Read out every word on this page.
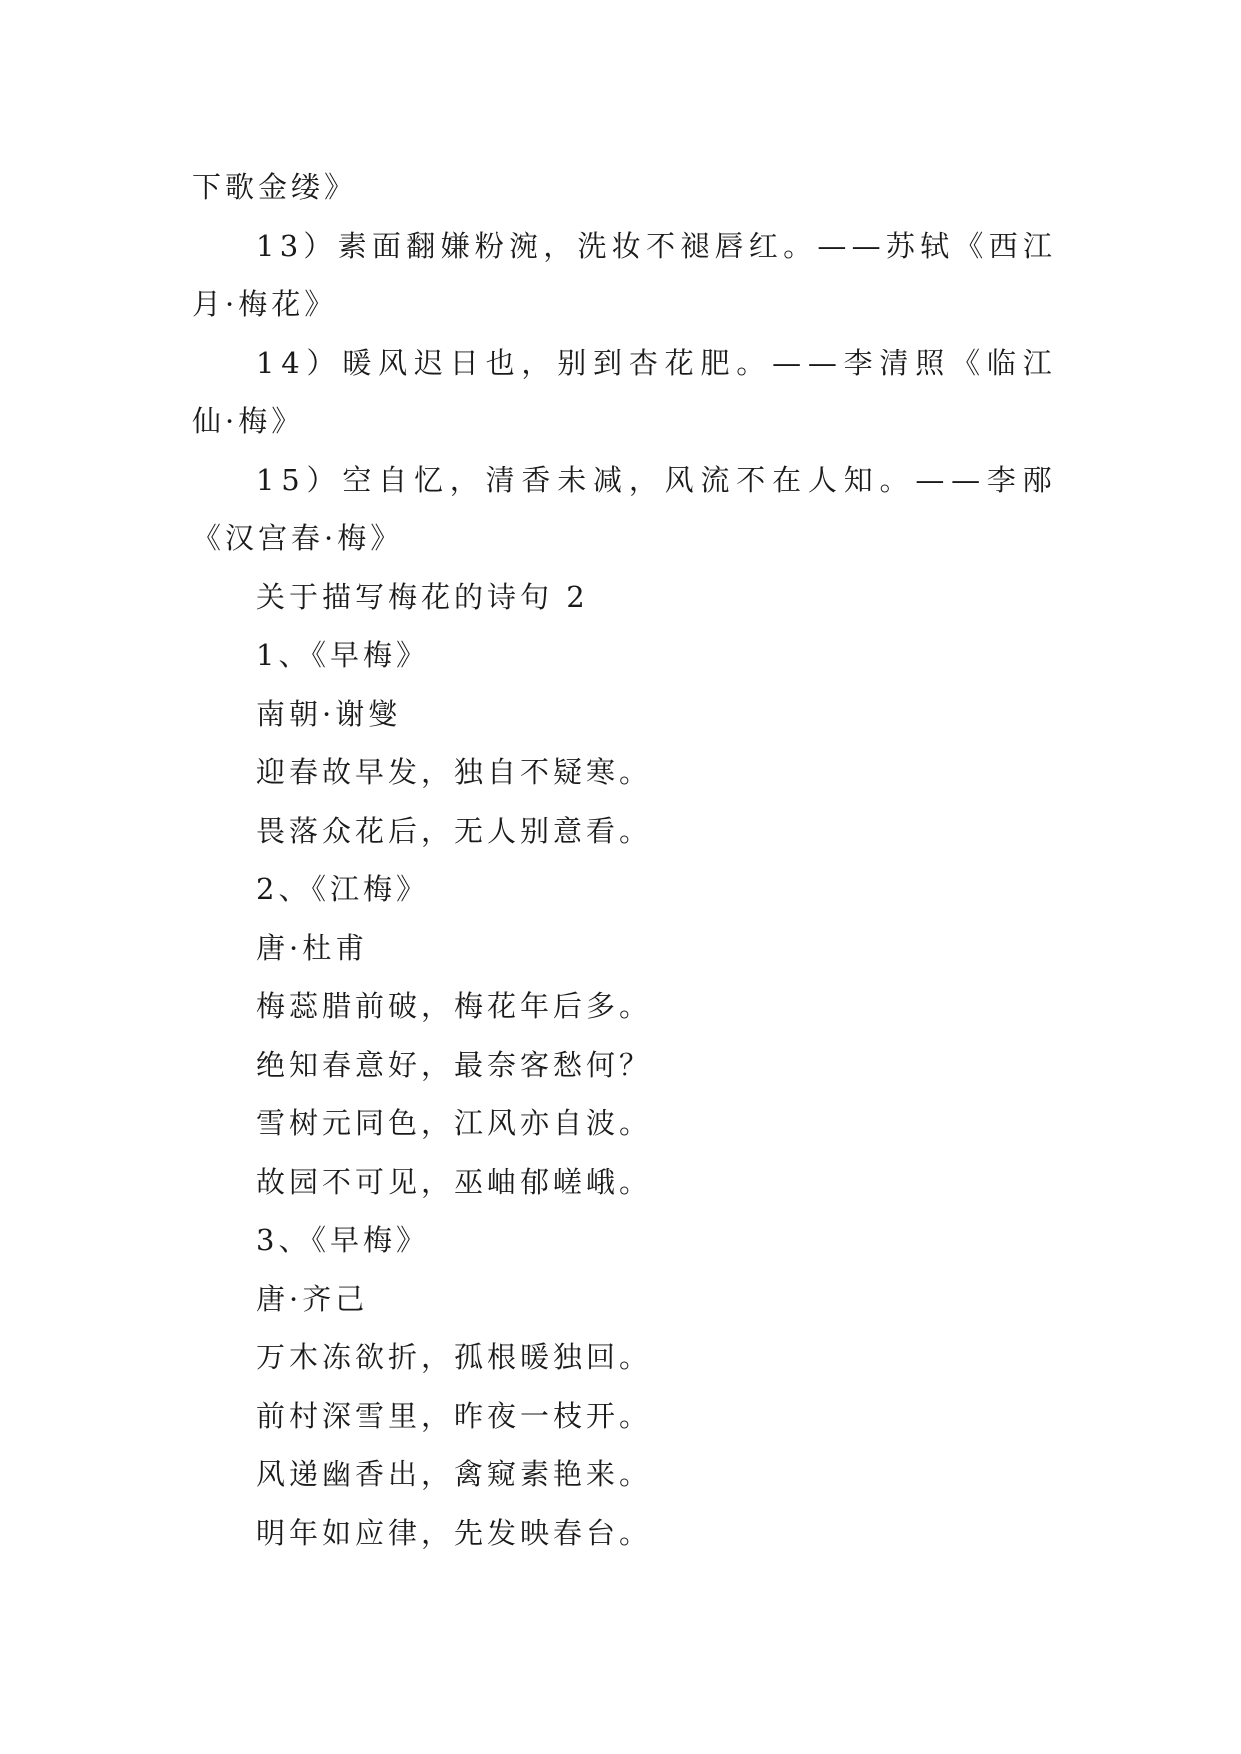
下歌金缕》
1 3 ） 素 面 翻 嫌 粉 涴 ， 洗 妆 不 褪 唇 红 。 — — 苏 轼 《 西 江
月·梅花》
1 4 ） 暖 风 迟 日 也 ， 别 到 杏 花 肥 。 — — 李 清 照 《 临 江
仙·梅》
1 5 ） 空 自 忆 ， 清 香 未 减 ， 风 流 不 在 人 知 。 — — 李 邴
《汉宫春·梅》
关于描写梅花的诗句 2
1、《早梅》
南朝·谢燮
迎春故早发，独自不疑寒。
畏落众花后，无人别意看。
2、《江梅》
唐·杜甫
梅蕊腊前破，梅花年后多。
绝知春意好，最奈客愁何？
雪树元同色，江风亦自波。
故园不可见，巫岫郁嵯峨。
3、《早梅》
唐·齐己
万木冻欲折，孤根暖独回。
前村深雪里，昨夜一枝开。
风递幽香出，禽窥素艳来。
明年如应律，先发映春台。
